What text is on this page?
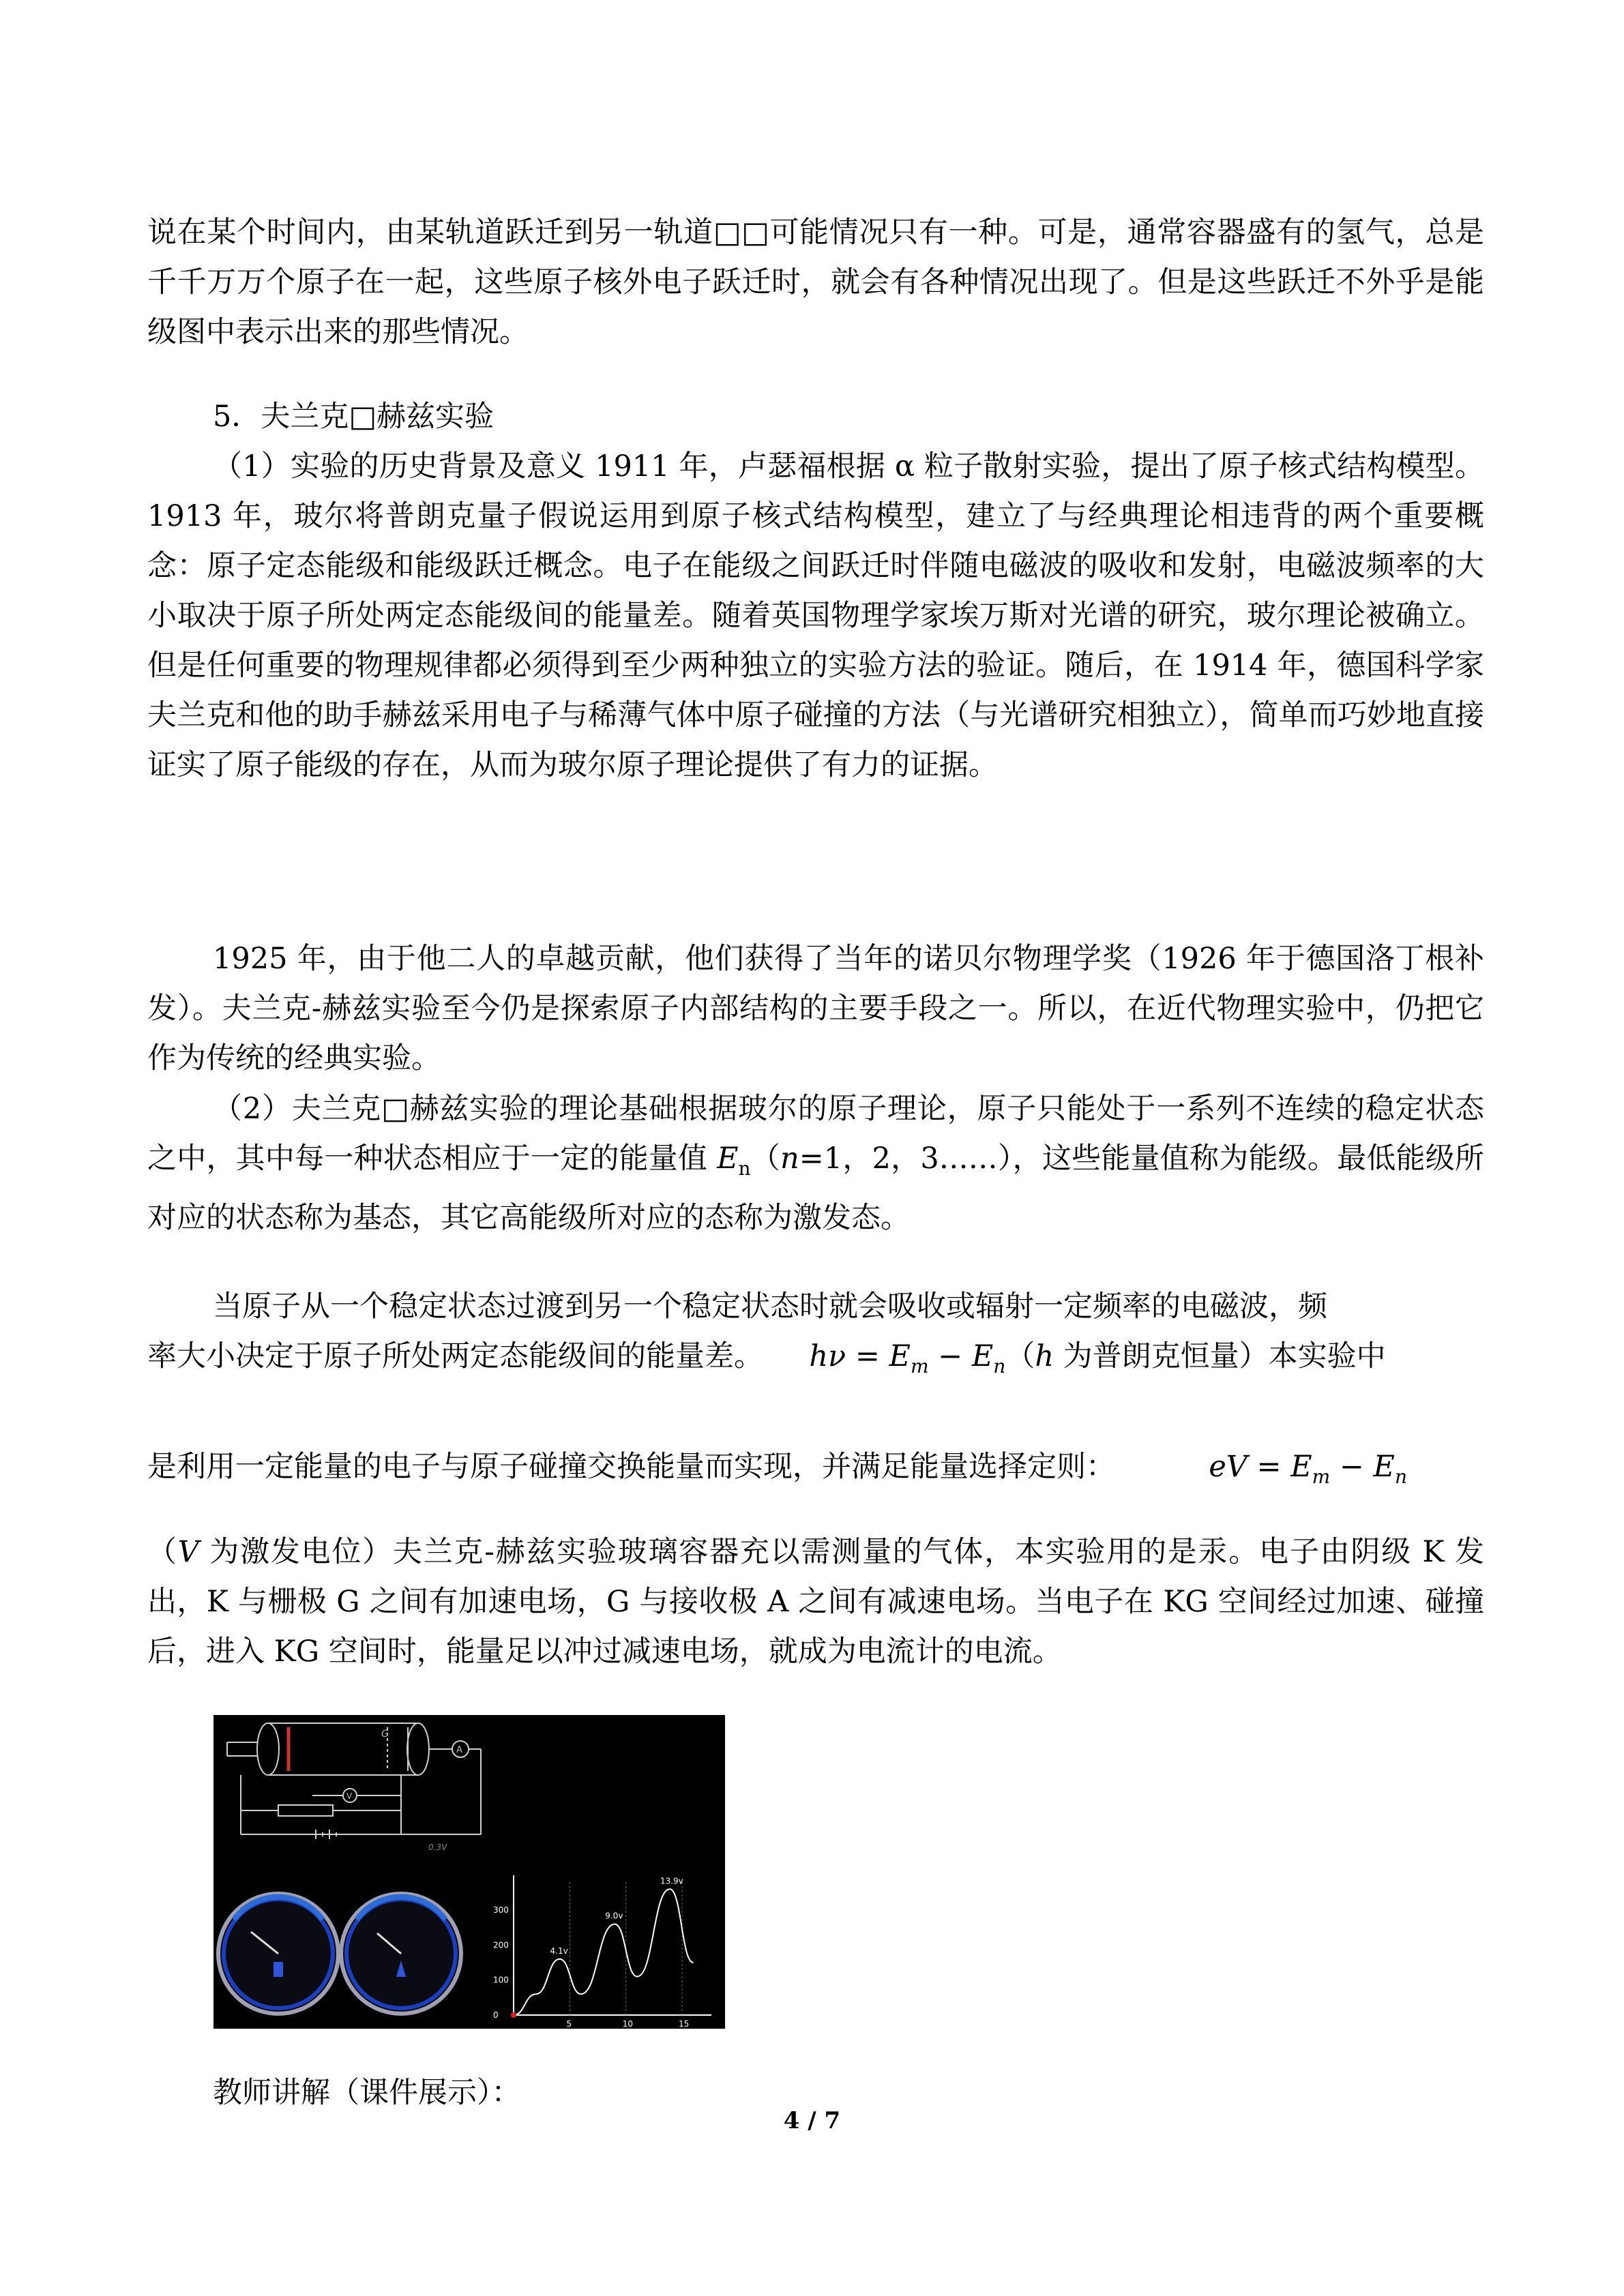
说在某个时间内，由某轨道跃迁到另一轨道□□可能情况只有一种。可是，通常容器盛有的氢气，总是千千万万个原子在一起，这些原子核外电子跃迁时，就会有各种情况出现了。但是这些跃迁不外乎是能级图中表示出来的那些情况。

5．夫兰克□赫兹实验

（1）实验的历史背景及意义 1911 年，卢瑟福根据 α 粒子散射实验，提出了原子核式结构模型。1913 年，玻尔将普朗克量子假说运用到原子核式结构模型，建立了与经典理论相违背的两个重要概念：原子定态能级和能级跃迁概念。电子在能级之间跃迁时伴随电磁波的吸收和发射，电磁波频率的大小取决于原子所处两定态能级间的能量差。随着英国物理学家埃万斯对光谱的研究，玻尔理论被确立。但是任何重要的物理规律都必须得到至少两种独立的实验方法的验证。随后，在 1914 年，德国科学家夫兰克和他的助手赫兹采用电子与稀薄气体中原子碰撞的方法（与光谱研究相独立），简单而巧妙地直接证实了原子能级的存在，从而为玻尔原子理论提供了有力的证据。

1925 年，由于他二人的卓越贡献，他们获得了当年的诺贝尔物理学奖（1926 年于德国洛丁根补发）。夫兰克-赫兹实验至今仍是探索原子内部结构的主要手段之一。所以，在近代物理实验中，仍把它作为传统的经典实验。

（2）夫兰克□赫兹实验的理论基础根据玻尔的原子理论，原子只能处于一系列不连续的稳定状态之中，其中每一种状态相应于一定的能量值 $E_n(n=1$，2，3……），这些能量值称为能级。最低能级所对应的状态称为基态，其它高能级所对应的态称为激发态。

当原子从一个稳定状态过渡到另一个稳定状态时就会吸收或辐射一定频率的电磁波，频

率大小决定于原子所处两定态能级间的能量差。 $h\nu = E_m - E_n(h$ 为普朗克恒量）本实验中

是利用一定能量的电子与原子碰撞交换能量而实现，并满足能量选择定则：	eV = $E_m - E_n$

（V 为激发电位）夫兰克-赫兹实验玻璃容器充以需测量的气体，本实验用的是汞。电子由阴级 K 发出，K 与栅极 G 之间有加速电场，G 与接收极 A 之间有减速电场。当电子在 KG 空间经过加速、碰撞后，进入 KG 空间时，能量足以冲过减速电场，就成为电流计的电流。

G
A
V
0.3V
5	10	15
0
100
200
300
4.1v
9.0v
13.9v

教师讲解（课件展示）：

4 / 7
